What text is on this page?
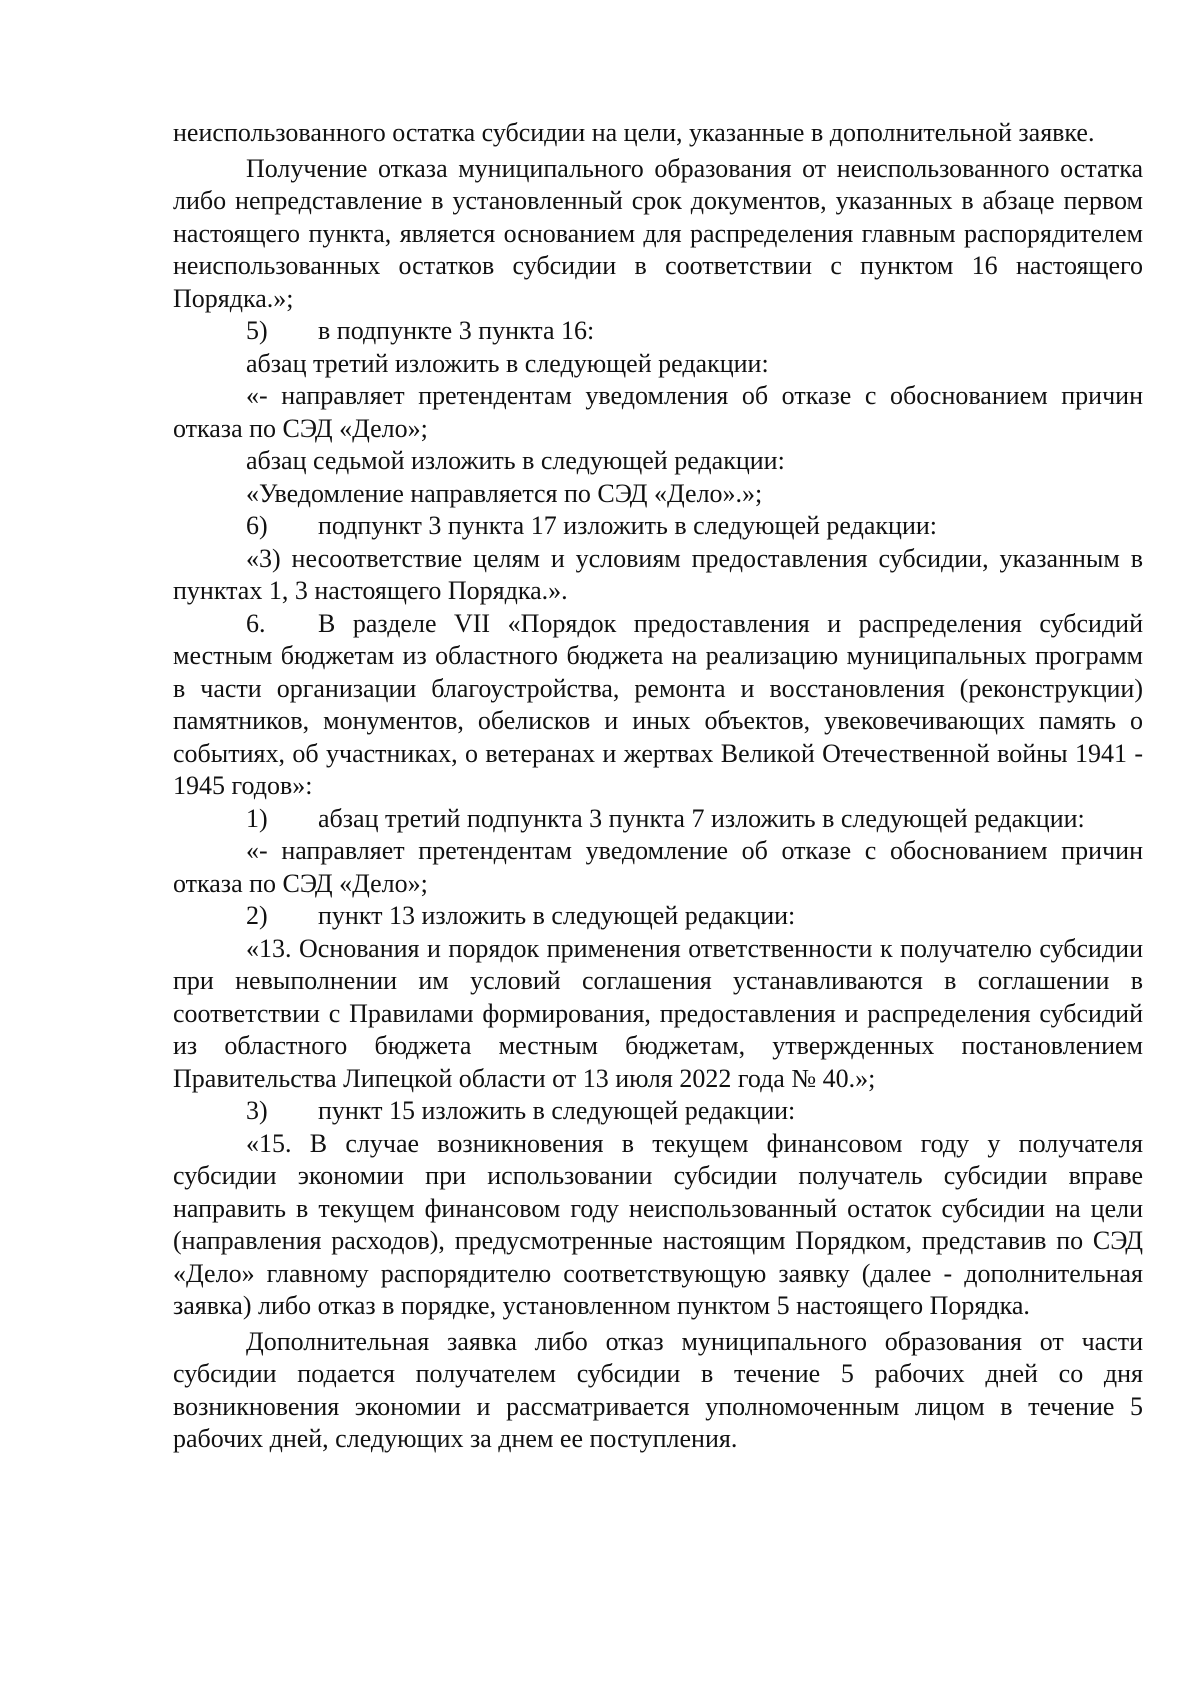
неиспользованного остатка субсидии на цели, указанные в дополнительной заявке.

Получение отказа муниципального образования от неиспользованного остатка либо непредставление в установленный срок документов, указанных в абзаце первом настоящего пункта, является основанием для распределения главным распорядителем неиспользованных остатков субсидии в соответствии с пунктом 16 настоящего Порядка.»;

5) в подпункте 3 пункта 16:

абзац третий изложить в следующей редакции:

«- направляет претендентам уведомления об отказе с обоснованием причин отказа по СЭД «Дело»;

абзац седьмой изложить в следующей редакции:

«Уведомление направляется по СЭД «Дело».»;

6) подпункт 3 пункта 17 изложить в следующей редакции:

«3) несоответствие целям и условиям предоставления субсидии, указанным в пунктах 1, 3 настоящего Порядка.».

6. В разделе VII «Порядок предоставления и распределения субсидий местным бюджетам из областного бюджета на реализацию муниципальных программ в части организации благоустройства, ремонта и восстановления (реконструкции) памятников, монументов, обелисков и иных объектов, увековечивающих память о событиях, об участниках, о ветеранах и жертвах Великой Отечественной войны 1941 - 1945 годов»:

1) абзац третий подпункта 3 пункта 7 изложить в следующей редакции:

«- направляет претендентам уведомление об отказе с обоснованием причин отказа по СЭД «Дело»;

2) пункт 13 изложить в следующей редакции:

«13. Основания и порядок применения ответственности к получателю субсидии при невыполнении им условий соглашения устанавливаются в соглашении в соответствии с Правилами формирования, предоставления и распределения субсидий из областного бюджета местным бюджетам, утвержденных постановлением Правительства Липецкой области от 13 июля 2022 года № 40.»;

3) пункт 15 изложить в следующей редакции:

«15. В случае возникновения в текущем финансовом году у получателя субсидии экономии при использовании субсидии получатель субсидии вправе направить в текущем финансовом году неиспользованный остаток субсидии на цели (направления расходов), предусмотренные настоящим Порядком, представив по СЭД «Дело» главному распорядителю соответствующую заявку (далее - дополнительная заявка) либо отказ в порядке, установленном пунктом 5 настоящего Порядка.

Дополнительная заявка либо отказ муниципального образования от части субсидии подается получателем субсидии в течение 5 рабочих дней со дня возникновения экономии и рассматривается уполномоченным лицом в течение 5 рабочих дней, следующих за днем ее поступления.
